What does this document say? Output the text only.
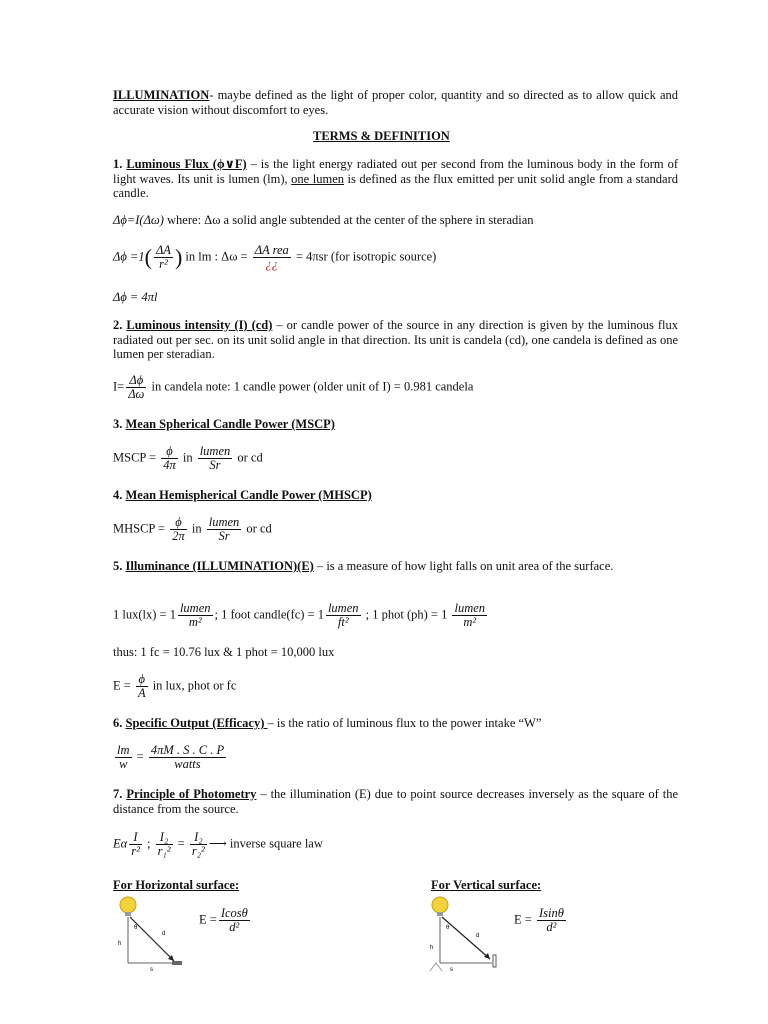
ILLUMINATION- maybe defined as the light of proper color, quantity and so directed as to allow quick and accurate vision without discomfort to eyes.
TERMS & DEFINITION
1. Luminous Flux (ϕ∨F) – is the light energy radiated out per second from the luminous body in the form of light waves. Its unit is lumen (lm), one lumen is defined as the flux emitted per unit solid angle from a standard candle.
Δϕ=I(Δω) where: Δω a solid angle subtended at the center of the sphere in steradian
$\Delta\phi =1( \frac{\Delta A}{\text{r²}}$ ) in lm : $\Delta\omega = \frac{\text{ΔA rea}}{¿¿} = 4\pi sr$ (for isotropic source)
Δϕ = 4πl
2. Luminous intensity (I) (cd) – or candle power of the source in any direction is given by the luminous flux radiated out per sec. on its unit solid angle in that direction. Its unit is candela (cd), one candela is defined as one lumen per steradian.
$I= \frac{\Delta\phi}{\Delta\omega}$ in candela note: 1 candle power (older unit of I) = 0.981 candela
3. Mean Spherical Candle Power (MSCP)
MSCP = $\frac{\phi}{4\pi}$ in $\frac{\text{lumen}}{Sr}$ or cd
4. Mean Hemispherical Candle Power (MHSCP)
MHSCP = $\frac{\phi}{2\pi}$ in $\frac{\text{lumen}}{Sr}$ or cd
5. Illuminance (ILLUMINATION)(E) – is a measure of how light falls on unit area of the surface.
1 $lux(lx) = 1 \frac{\text{lumen}}{\text{m²}}$ ; 1 foot candle(fc) = $1 \frac{\text{lumen}}{\text{ft²}}$ ; 1 phot $(ph) = 1 \frac{\text{lumen}}{\text{m²}}$
thus: 1 fc = 10.76 lux & 1 phot = 10,000 lux
$E = \frac{\phi}{A}$ in lux, phot or fc
6. Specific Output (Efficacy) – is the ratio of luminous flux to the power intake “W”
$\frac{lm}{w} = \frac{4\pi M . S . C . P}{\text{watts}}$
7. Principle of Photometry – the illumination (E) due to point source decreases inversely as the square of the distance from the source.
Eα $\frac{I}{\text{r²}}$ ; $\frac{\text{I₂}}{\text{r₁²}} = \frac{\text{I₂}}{\text{r₂²}}$ ⟶ inverse square law
For Horizontal surface:
θ
d
h
s
$E = \frac{Icos\theta}{\text{d²}}$
For Vertical surface:
θ
d
h
s
$E = \frac{Isin\theta}{\text{d²}}$
